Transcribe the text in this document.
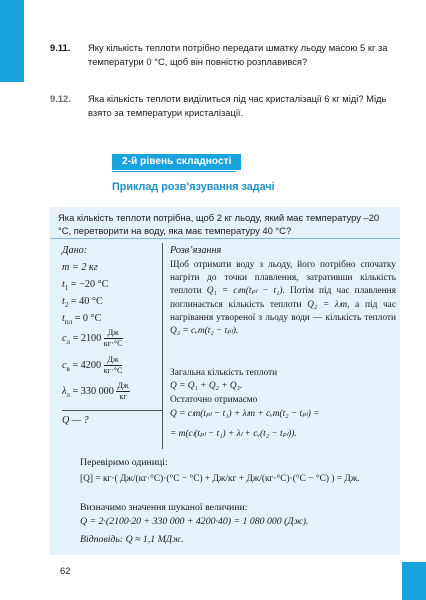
9.11. Яку кількість теплоти потрібно передати шматку льоду масою 5 кг за температури 0 °С, щоб він повністю розплавився?
9.12. Яка кількість теплоти виділиться під час кристалізації 6 кг міді? Мідь взято за температури кристалізації.
2-й рівень складності
Приклад розв’язування задачі
Яка кількість теплоти потрібна, щоб 2 кг льоду, який має температуру –20 °С, перетворити на воду, яка має температуру 40 °С?
Дано:
m = 2 кг
$t_1 = -20$ °C
$t_2 = 40$ °C
$t_{пл} = 0$ °C
$c_л = 2100 \frac{Дж}{кг\cdot^\circ С}$
$c_в = 4200 \frac{Дж}{кг\cdot^\circ С}$
$\lambda_л = 330$ $000 \frac{Дж}{кг}$
Q — ?
Розв’язання
Щоб отримати воду з льоду, його потрібно спочатку нагріти до точки плавлення, затративши кількість теплоти Q₁ = cₗm(tₚₗ − t₁). Потім під час плавлення поглинається кількість теплоти Q₂ = λₗm, а під час нагрівання утвореної з льоду води — кількість теплоти Q₃ = cᵥm(t₂ − tₚₗ).
Загальна кількість теплоти
Q = Q₁ + Q₂ + Q₃.
Остаточно отримаємо
Q = cₗm(tₚₗ − t₁) + λₗm + cᵥm(t₂ − tₚₗ) =
= m(cₗ(tₚₗ − t₁) + λₗ + cᵥ(t₂ − tₚₗ)).
Перевіримо одиниці:
[Q] = кг·( Дж/(кг·°С)·(°С − °С) + Дж/кг + Дж/(кг·°С)·(°С − °С) ) = Дж.
Визначимо значення шуканої величини:
Q = 2·(2100·20 + 330 000 + 4200·40) = 1 080 000 (Дж).
Відповідь: Q ≈ 1,1 МДж.
62
